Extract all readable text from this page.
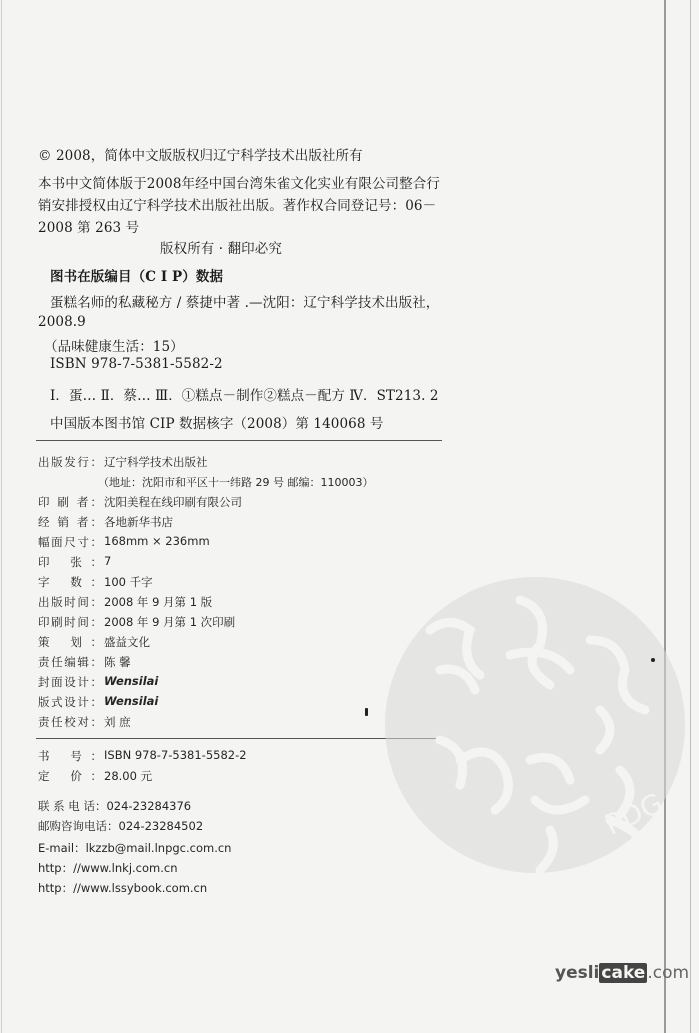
© 2008，简体中文版版权归辽宁科学技术出版社所有
本书中文简体版于2008年经中国台湾朱雀文化实业有限公司整合行
销安排授权由辽宁科学技术出版社出版。著作权合同登记号：06－
2008 第 263 号
版权所有 · 翻印必究
图书在版编目（C I P）数据
蛋糕名师的私藏秘方 / 蔡捷中著 .—沈阳：辽宁科学技术出版社，
2008.9
（品味健康生活：15）
ISBN 978-7-5381-5582-2
Ⅰ．蛋… Ⅱ．蔡… Ⅲ．①糕点－制作②糕点－配方 Ⅳ．ST213. 2
中国版本图书馆 CIP 数据核字（2008）第 140068 号
出版发行： 辽宁科学技术出版社
（地址：沈阳市和平区十一纬路 29 号 邮编：110003）
印 刷 者： 沈阳美程在线印刷有限公司
经 销 者： 各地新华书店
幅面尺寸： 168mm × 236mm
印 张： 7
字 数： 100 千字
出版时间： 2008 年 9 月第 1 版
印刷时间： 2008 年 9 月第 1 次印刷
策 划： 盛益文化
责任编辑： 陈 馨
封面设计： Wensilai
版式设计： Wensilai
责任校对： 刘 庶
书 号： ISBN 978-7-5381-5582-2
定 价： 28.00 元
联 系 电 话：024-23284376
邮购咨询电话：024-23284502
E-mail：lkzzb@mail.lnpgc.com.cn
http：//www.lnkj.com.cn
http：//www.lssybook.com.cn
PDG
yesli cake .com
